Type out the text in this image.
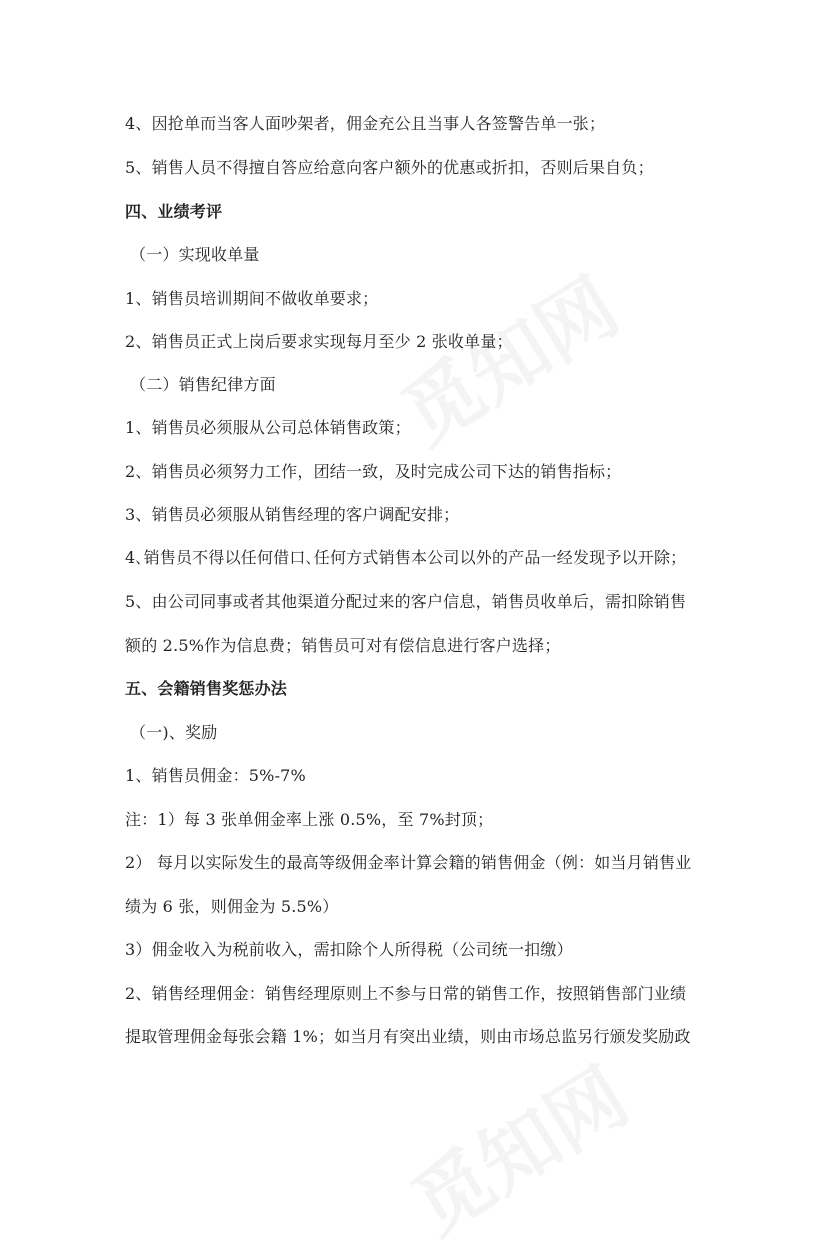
4、因抢单而当客人面吵架者，佣金充公且当事人各签警告单一张；
5、销售人员不得擅自答应给意向客户额外的优惠或折扣，否则后果自负；
四、业绩考评
（一）实现收单量
1、销售员培训期间不做收单要求；
2、销售员正式上岗后要求实现每月至少 2 张收单量；
（二）销售纪律方面
1、销售员必须服从公司总体销售政策；
2、销售员必须努力工作，团结一致，及时完成公司下达的销售指标；
3、销售员必须服从销售经理的客户调配安排；
4､销售员不得以任何借口､任何方式销售本公司以外的产品一经发现予以开除；
5、由公司同事或者其他渠道分配过来的客户信息，销售员收单后，需扣除销售
额的 2.5%作为信息费；销售员可对有偿信息进行客户选择；
五、会籍销售奖惩办法
（一)、奖励
1、销售员佣金：5%-7%
注：1）每 3 张单佣金率上涨 0.5%，至 7%封顶；
2） 每月以实际发生的最高等级佣金率计算会籍的销售佣金（例：如当月销售业
绩为 6 张，则佣金为 5.5%）
3）佣金收入为税前收入，需扣除个人所得税（公司统一扣缴）
2、销售经理佣金：销售经理原则上不参与日常的销售工作，按照销售部门业绩
提取管理佣金每张会籍 1%；如当月有突出业绩，则由市场总监另行颁发奖励政
